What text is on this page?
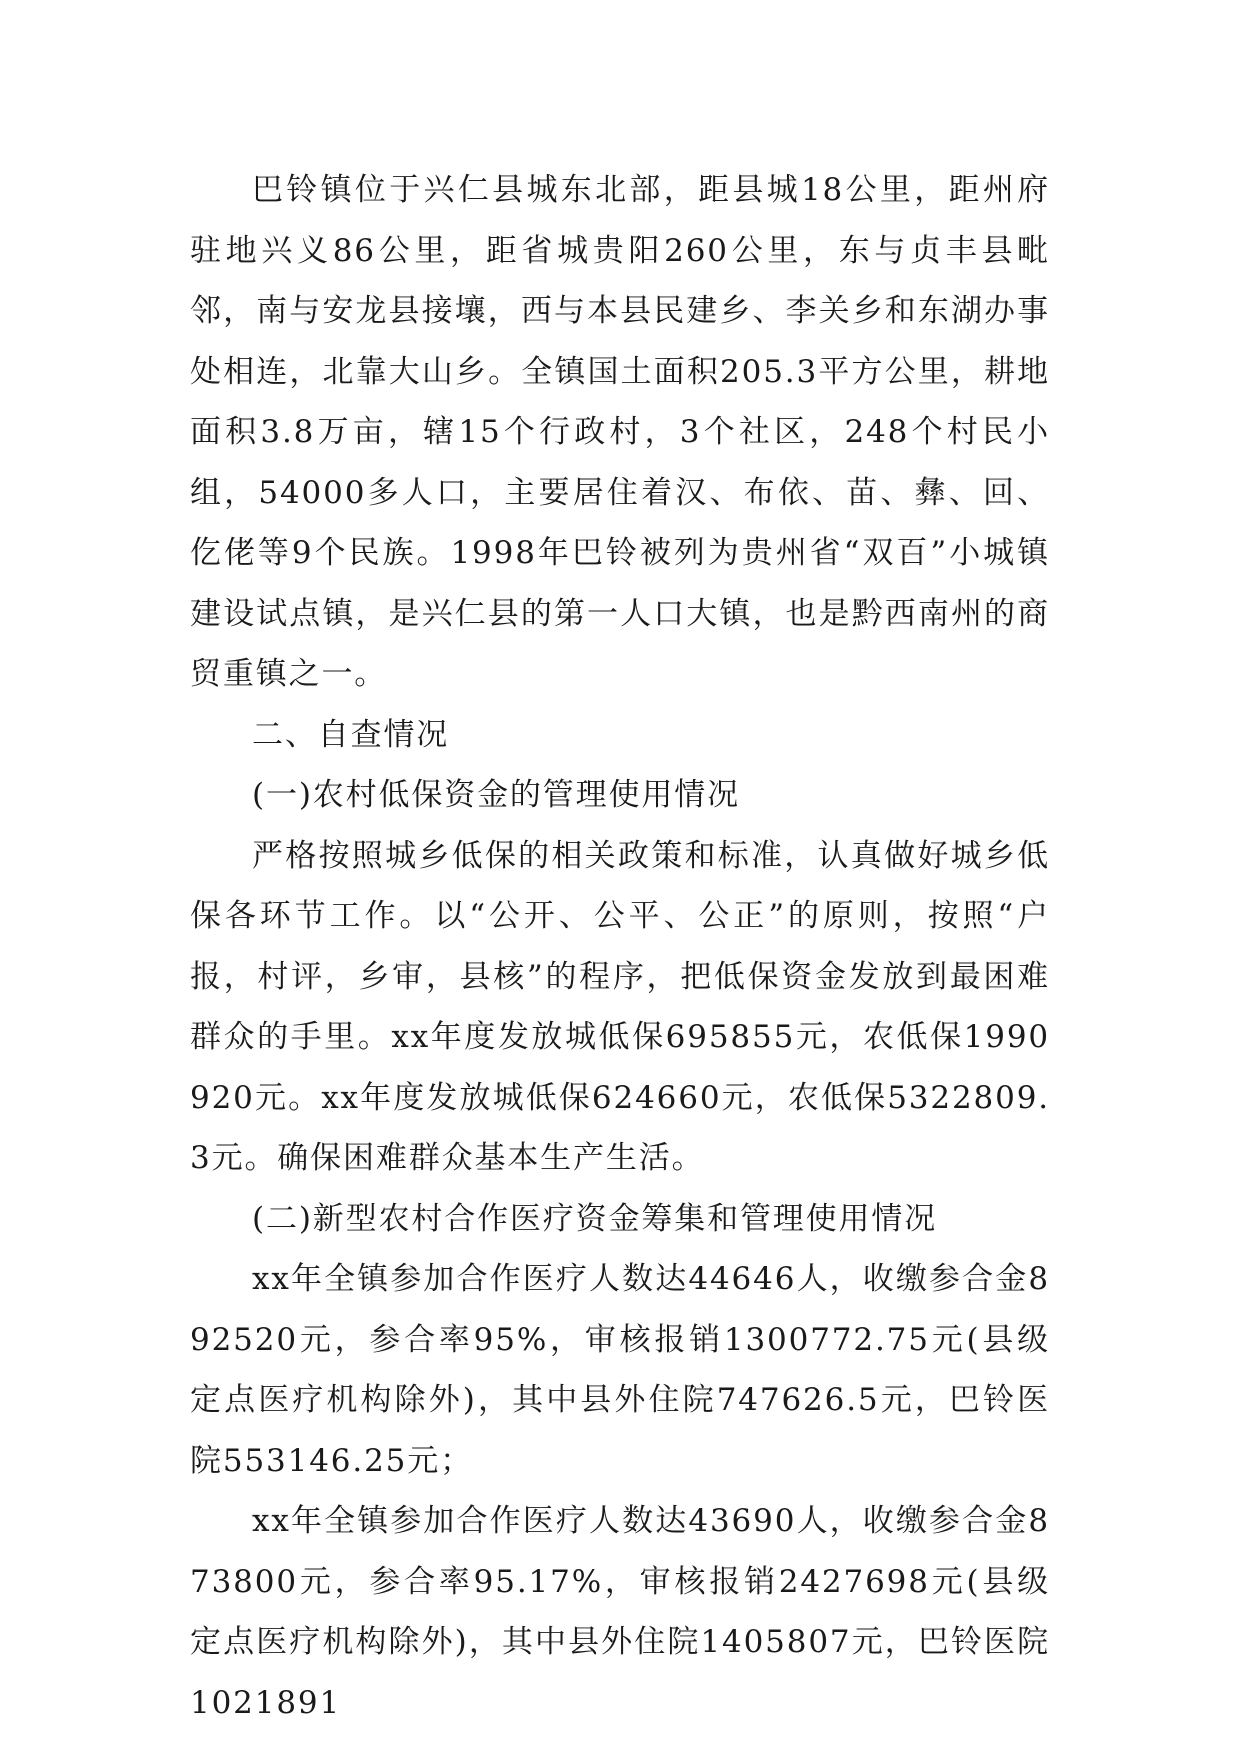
巴铃镇位于兴仁县城东北部，距县城18公里，距州府驻地兴义86公里，距省城贵阳260公里，东与贞丰县毗邻，南与安龙县接壤，西与本县民建乡、李关乡和东湖办事处相连，北靠大山乡。全镇国土面积205.3平方公里，耕地面积3.8万亩，辖15个行政村，3个社区，248个村民小组，54000多人口，主要居住着汉、布依、苗、彝、回、仡佬等9个民族。1998年巴铃被列为贵州省“双百”小城镇建设试点镇，是兴仁县的第一人口大镇，也是黔西南州的商贸重镇之一。

二、自查情况

(一)农村低保资金的管理使用情况

严格按照城乡低保的相关政策和标准，认真做好城乡低保各环节工作。以“公开、公平、公正”的原则，按照“户报，村评，乡审，县核”的程序，把低保资金发放到最困难群众的手里。xx年度发放城低保695855元，农低保1990920元。xx年度发放城低保624660元，农低保5322809.3元。确保困难群众基本生产生活。

(二)新型农村合作医疗资金筹集和管理使用情况

xx年全镇参加合作医疗人数达44646人，收缴参合金892520元，参合率95%，审核报销1300772.75元(县级定点医疗机构除外)，其中县外住院747626.5元，巴铃医院553146.25元；

xx年全镇参加合作医疗人数达43690人，收缴参合金873800元，参合率95.17%，审核报销2427698元(县级定点医疗机构除外)，其中县外住院1405807元，巴铃医院1021891
